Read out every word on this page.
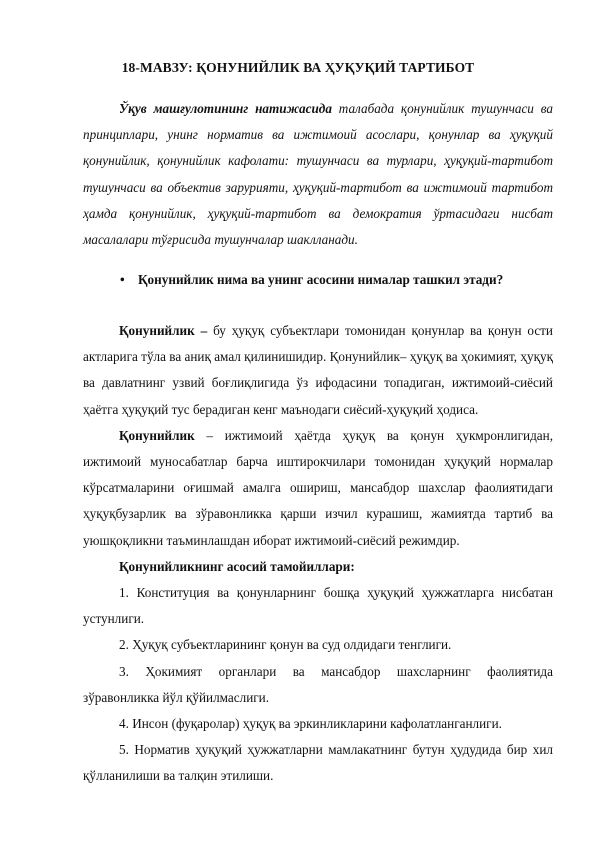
18-МАВЗУ: ҚОНУНИЙЛИК ВА ҲУҚУҚИЙ ТАРТИБОТ

Ўқув машғулотининг натижасида талабада қонунийлик тушунчаси ва принциплари, унинг норматив ва ижтимоий асослари, қонунлар ва ҳуқуқий қонунийлик, қонунийлик кафолати: тушунчаси ва турлари, ҳуқуқий-тартибот тушунчаси ва объектив зарурияти, ҳуқуқий-тартибот ва ижтимоий тартибот ҳамда қонунийлик, ҳуқуқий-тартибот ва демократия ўртасидаги нисбат масалалари тўғрисида тушунчалар шаклланади.

• Қонунийлик нима ва унинг асосини нималар ташкил этади?

Қонунийлик – бу ҳуқуқ субъектлари томонидан қонунлар ва қонун ости актларига тўла ва аниқ амал қилинишидир. Қонунийлик– ҳуқуқ ва ҳокимият, ҳуқуқ ва давлатнинг узвий боғлиқлигида ўз ифодасини топадиган, ижтимоий-сиёсий ҳаётга ҳуқуқий тус берадиган кенг маънодаги сиёсий-ҳуқуқий ҳодиса.

Қонунийлик – ижтимоий ҳаётда ҳуқуқ ва қонун ҳукмронлигидан, ижтимоий муносабатлар барча иштирокчилари томонидан ҳуқуқий нормалар кўрсатмаларини оғишмай амалга ошириш, мансабдор шахслар фаолиятидаги ҳуқуқбузарлик ва зўравонликка қарши изчил курашиш, жамиятда тартиб ва уюшқоқликни таъминлашдан иборат ижтимоий-сиёсий режимдир.

Қонунийликнинг асосий тамойиллари:

1. Конституция ва қонунларнинг бошқа ҳуқуқий ҳужжатларга нисбатан устунлиги.

2. Ҳуқуқ субъектларининг қонун ва суд олдидаги тенглиги.

3. Ҳокимият органлари ва мансабдор шахсларнинг фаолиятида зўравонликка йўл қўйилмаслиги.

4. Инсон (фуқаролар) ҳуқуқ ва эркинликларини кафолатланганлиги.

5. Норматив ҳуқуқий ҳужжатларни мамлакатнинг бутун ҳудудида бир хил қўлланилиши ва талқин этилиши.
